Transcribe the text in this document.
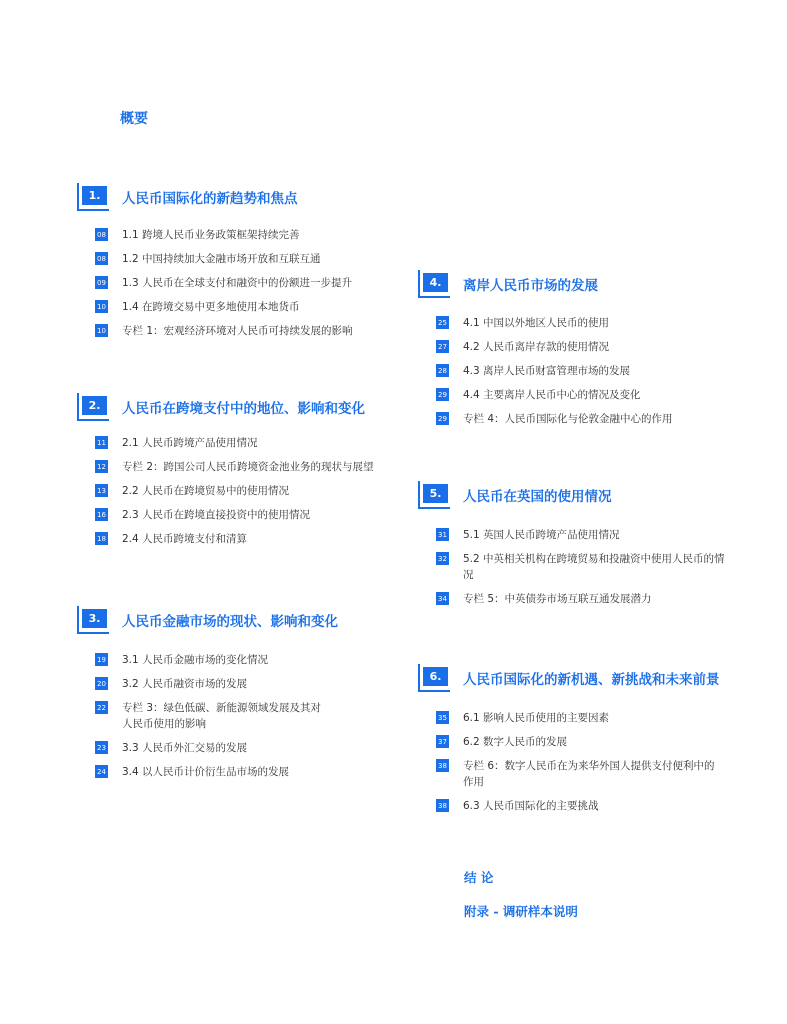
概要
1.	人民币国际化的新趋势和焦点
08 1.1 跨境人民币业务政策框架持续完善
08 1.2 中国持续加大金融市场开放和互联互通
09 1.3 人民币在全球支付和融资中的份额进一步提升
10 1.4 在跨境交易中更多地使用本地货币
10 专栏 1：宏观经济环境对人民币可持续发展的影响
2.	人民币在跨境支付中的地位、影响和变化
11 2.1 人民币跨境产品使用情况
12 专栏 2：跨国公司人民币跨境资金池业务的现状与展望
13 2.2 人民币在跨境贸易中的使用情况
16 2.3 人民币在跨境直接投资中的使用情况
18 2.4 人民币跨境支付和清算
3.	人民币金融市场的现状、影响和变化
19 3.1 人民币金融市场的变化情况
20 3.2 人民币融资市场的发展
22 专栏 3：绿色低碳、新能源领域发展及其对人民币使用的影响
23 3.3 人民币外汇交易的发展
24 3.4 以人民币计价衍生品市场的发展
4.	离岸人民币市场的发展
25 4.1 中国以外地区人民币的使用
27 4.2 人民币离岸存款的使用情况
28 4.3 离岸人民币财富管理市场的发展
29 4.4 主要离岸人民币中心的情况及变化
29 专栏 4：人民币国际化与伦敦金融中心的作用
5.	人民币在英国的使用情况
31 5.1 英国人民币跨境产品使用情况
32 5.2 中英相关机构在跨境贸易和投融资中使用人民币的情况
34 专栏 5：中英债券市场互联互通发展潜力
6.	人民币国际化的新机遇、新挑战和未来前景
35 6.1 影响人民币使用的主要因素
37 6.2 数字人民币的发展
38 专栏 6：数字人民币在为来华外国人提供支付便利中的作用
38 6.3 人民币国际化的主要挑战
结 论
附录 - 调研样本说明
